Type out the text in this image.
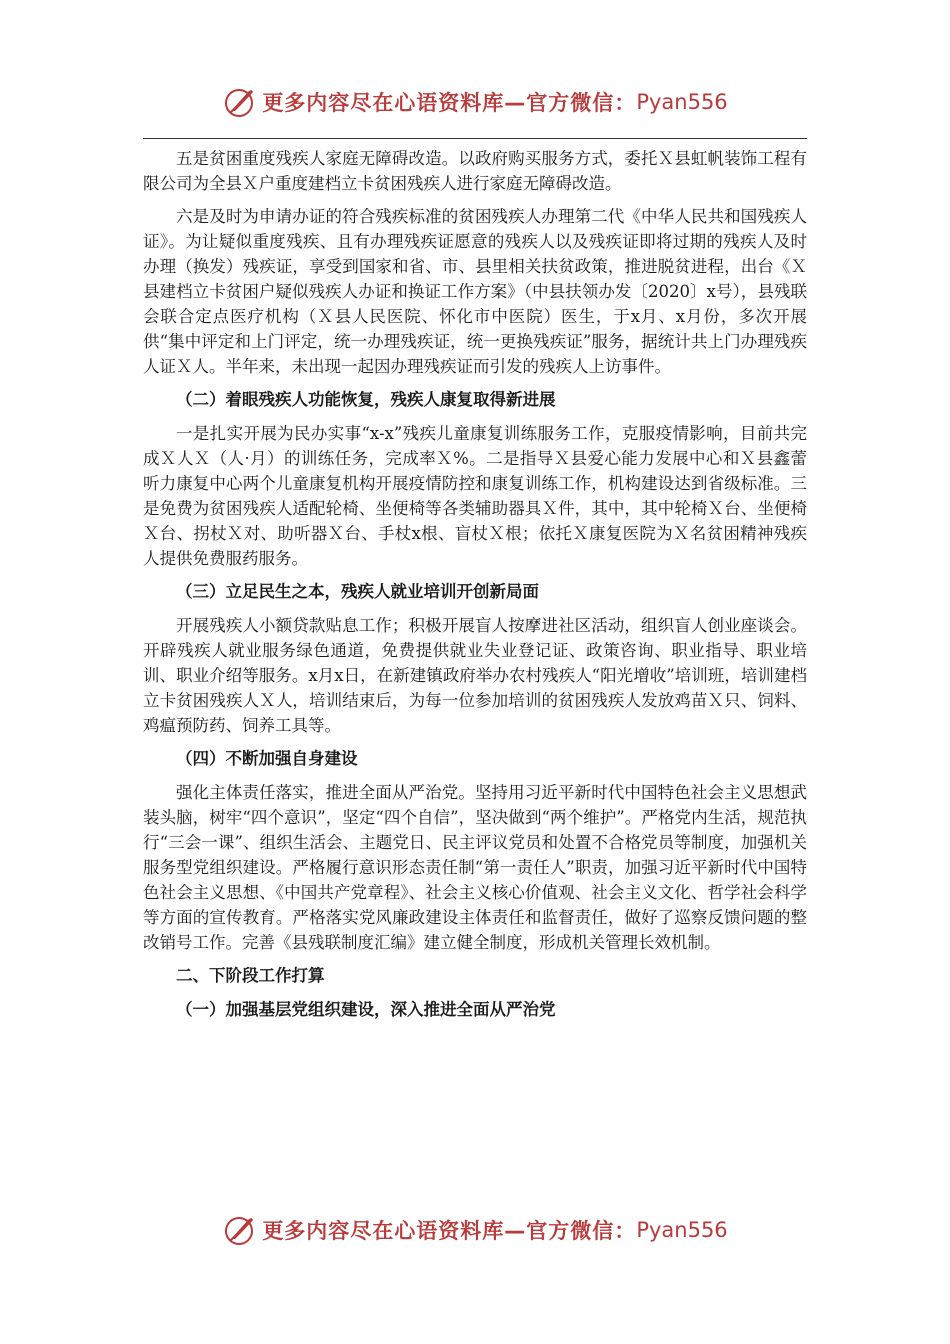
更多内容尽在心语资料库—官方微信： Pyan556

五是贫困重度残疾人家庭无障碍改造。以政府购买服务方式，委托Ｘ县虹帆装饰工程有限公司为全县Ｘ户重度建档立卡贫困残疾人进行家庭无障碍改造。

六是及时为申请办证的符合残疾标准的贫困残疾人办理第二代《中华人民共和国残疾人证》。为让疑似重度残疾、且有办理残疾证愿意的残疾人以及残疾证即将过期的残疾人及时办理（换发）残疾证，享受到国家和省、市、县里相关扶贫政策，推进脱贫进程，出台《Ｘ县建档立卡贫困户疑似残疾人办证和换证工作方案》（中县扶领办发〔2020〕x号），县残联会联合定点医疗机构（Ｘ县人民医院、怀化市中医院）医生，于x月、x月份，多次开展供“集中评定和上门评定，统一办理残疾证，统一更换残疾证”服务，据统计共上门办理残疾人证Ｘ人。半年来，未出现一起因办理残疾证而引发的残疾人上访事件。

（二）着眼残疾人功能恢复，残疾人康复取得新进展

一是扎实开展为民办实事“x-x”残疾儿童康复训练服务工作，克服疫情影响，目前共完成Ｘ人Ｘ（人·月）的训练任务，完成率Ｘ%。二是指导Ｘ县爱心能力发展中心和Ｘ县鑫蕾听力康复中心两个儿童康复机构开展疫情防控和康复训练工作，机构建设达到省级标准。三是免费为贫困残疾人适配轮椅、坐便椅等各类辅助器具Ｘ件，其中，其中轮椅Ｘ台、坐便椅Ｘ台、拐杖Ｘ对、助听器Ｘ台、手杖x根、盲杖Ｘ根；依托Ｘ康复医院为Ｘ名贫困精神残疾人提供免费服药服务。

（三）立足民生之本，残疾人就业培训开创新局面

开展残疾人小额贷款贴息工作；积极开展盲人按摩进社区活动，组织盲人创业座谈会。开辟残疾人就业服务绿色通道，免费提供就业失业登记证、政策咨询、职业指导、职业培训、职业介绍等服务。x月x日，在新建镇政府举办农村残疾人“阳光增收”培训班，培训建档立卡贫困残疾人Ｘ人，培训结束后，为每一位参加培训的贫困残疾人发放鸡苗Ｘ只、饲料、鸡瘟预防药、饲养工具等。

（四）不断加强自身建设

强化主体责任落实，推进全面从严治党。坚持用习近平新时代中国特色社会主义思想武装头脑，树牢“四个意识”，坚定“四个自信”，坚决做到“两个维护”。严格党内生活，规范执行“三会一课”、组织生活会、主题党日、民主评议党员和处置不合格党员等制度，加强机关服务型党组织建设。严格履行意识形态责任制“第一责任人”职责，加强习近平新时代中国特色社会主义思想、《中国共产党章程》、社会主义核心价值观、社会主义文化、哲学社会科学等方面的宣传教育。严格落实党风廉政建设主体责任和监督责任，做好了巡察反馈问题的整改销号工作。完善《县残联制度汇编》建立健全制度，形成机关管理长效机制。

二、下阶段工作打算

（一）加强基层党组织建设，深入推进全面从严治党

更多内容尽在心语资料库—官方微信： Pyan556
